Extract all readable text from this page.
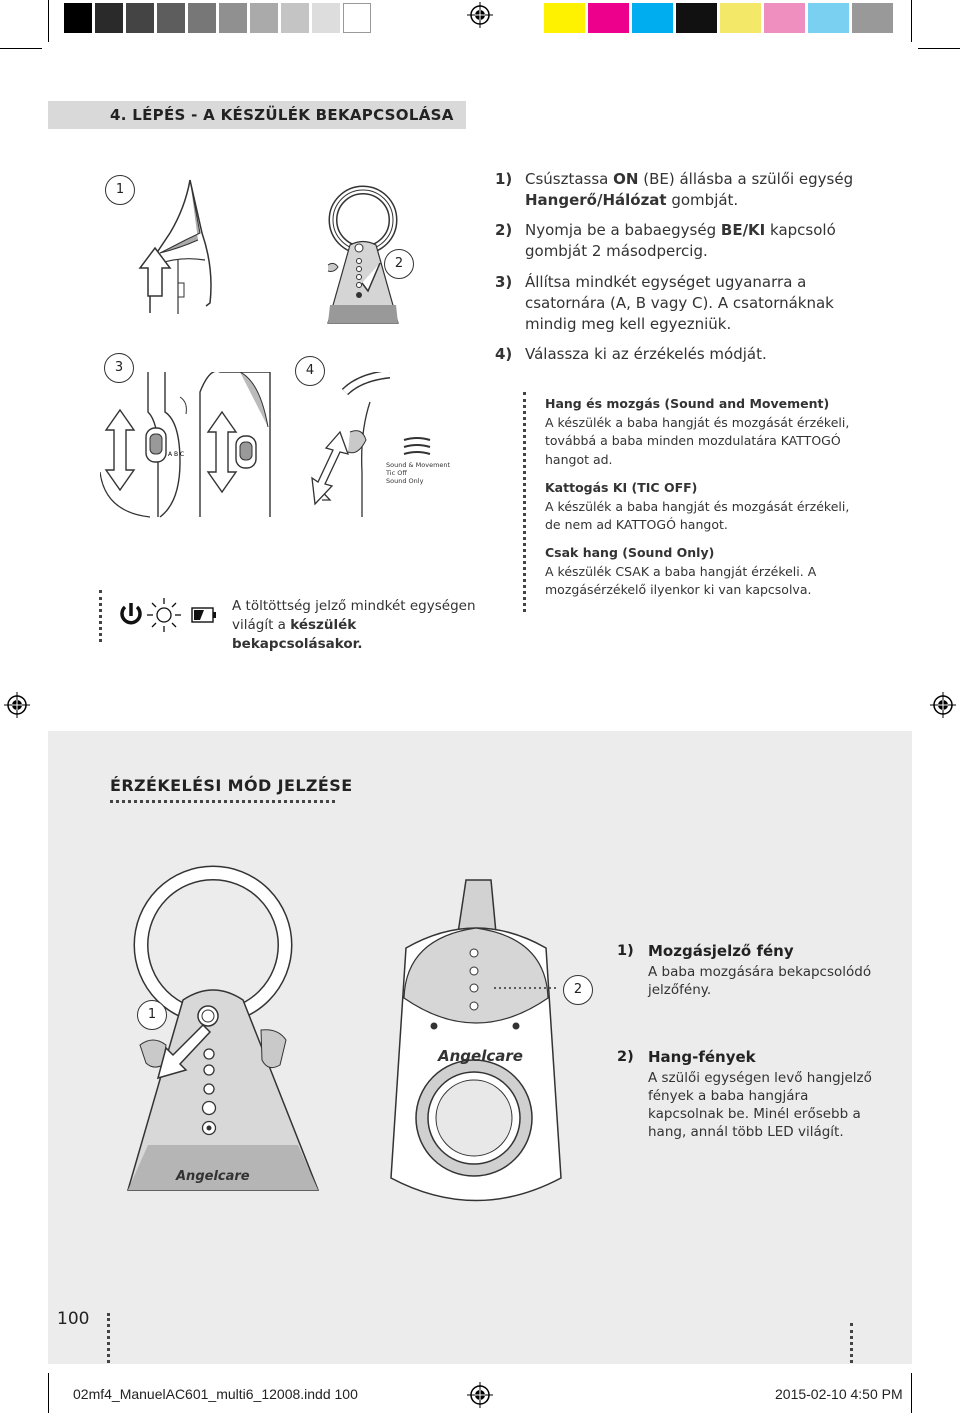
4. LÉPÉS - A KÉSZÜLÉK BEKAPCSOLÁSA
1
2
3	4
A B C
Sound & Movement
Tic Off
Sound Only
1) Csúsztassa ON (BE) állásba a szülői egység Hangerő/Hálózat gombját.
2) Nyomja be a babaegység BE/KI kapcsoló gombját 2 másodpercig.
3) Állítsa mindkét egységet ugyanarra a csatornára (A, B vagy C). A csatornáknak mindig meg kell egyezniük.
4) Válassza ki az érzékelés módját.
Hang és mozgás (Sound and Movement)
A készülék a baba hangját és mozgását érzékeli, továbbá a baba minden mozdulatára KATTOGÓ hangot ad.
Kattogás KI (TIC OFF)
A készülék a baba hangját és mozgását érzékeli, de nem ad KATTOGÓ hangot.
Csak hang (Sound Only)
A készülék CSAK a baba hangját érzékeli. A mozgásérzékelő ilyenkor ki van kapcsolva.
A töltöttség jelző mindkét egységen világít a készülék bekapcsolásakor.
ÉRZÉKELÉSI MÓD JELZÉSE
Angelcare
1
Angelcare
2
1) Mozgásjelző fény
A baba mozgására bekapcsolódó jelzőfény.
2) Hang-fények
A szülői egységen levő hangjelző fények a baba hangjára kapcsolnak be. Minél erősebb a hang, annál több LED világít.
100
02mf4_ManuelAC601_multi6_12008.indd 100	2015-02-10 4:50 PM
